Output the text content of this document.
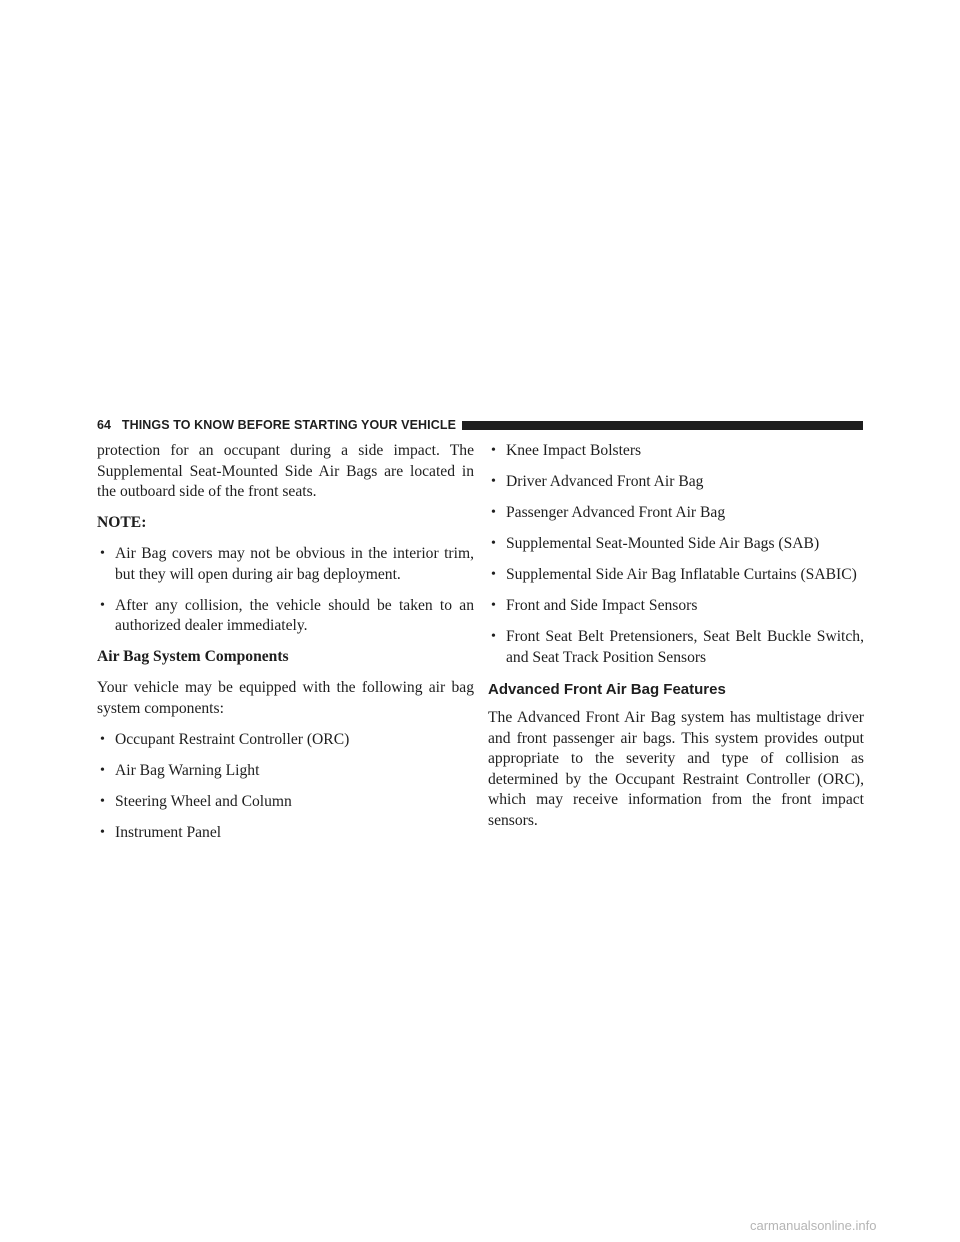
64 THINGS TO KNOW BEFORE STARTING YOUR VEHICLE

protection for an occupant during a side impact. The Supplemental Seat-Mounted Side Air Bags are located in the outboard side of the front seats.

NOTE:

• Air Bag covers may not be obvious in the interior trim, but they will open during air bag deployment.
• After any collision, the vehicle should be taken to an authorized dealer immediately.

Air Bag System Components

Your vehicle may be equipped with the following air bag system components:

• Occupant Restraint Controller (ORC)
• Air Bag Warning Light
• Steering Wheel and Column
• Instrument Panel
• Knee Impact Bolsters
• Driver Advanced Front Air Bag
• Passenger Advanced Front Air Bag
• Supplemental Seat-Mounted Side Air Bags (SAB)
• Supplemental Side Air Bag Inflatable Curtains (SABIC)
• Front and Side Impact Sensors
• Front Seat Belt Pretensioners, Seat Belt Buckle Switch, and Seat Track Position Sensors
Advanced Front Air Bag Features

The Advanced Front Air Bag system has multistage driver and front passenger air bags. This system provides output appropriate to the severity and type of collision as determined by the Occupant Restraint Controller (ORC), which may receive information from the front impact sensors.

carmanualsonline.info
